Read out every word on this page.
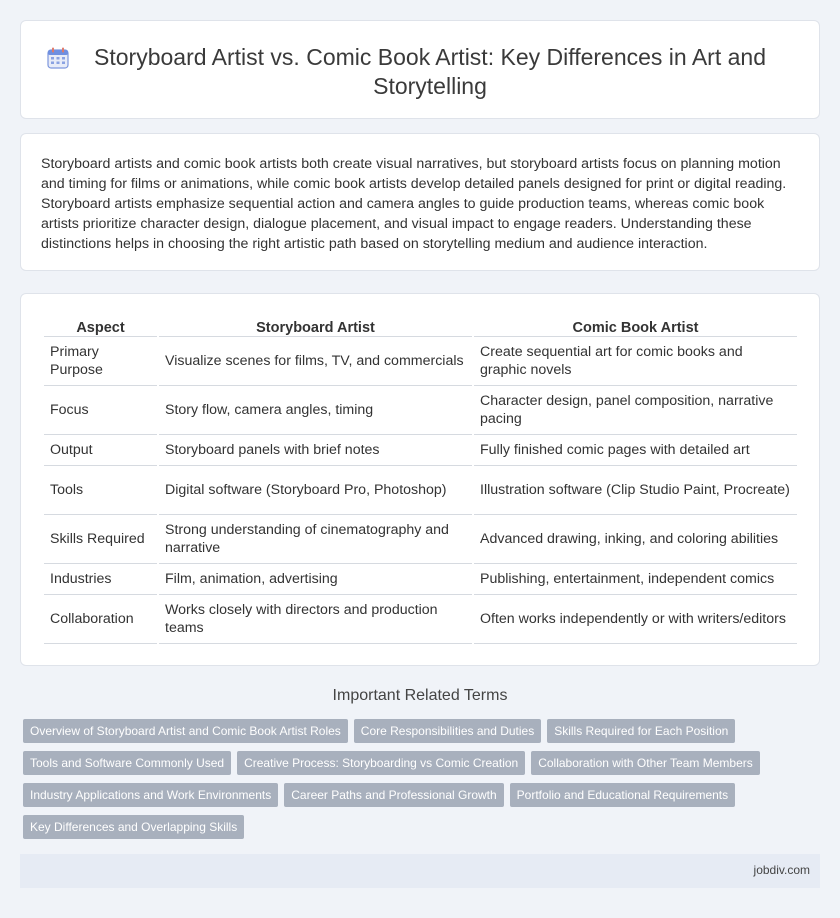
Storyboard Artist vs. Comic Book Artist: Key Differences in Art and Storytelling

Storyboard artists and comic book artists both create visual narratives, but storyboard artists focus on planning motion and timing for films or animations, while comic book artists develop detailed panels designed for print or digital reading. Storyboard artists emphasize sequential action and camera angles to guide production teams, whereas comic book artists prioritize character design, dialogue placement, and visual impact to engage readers. Understanding these distinctions helps in choosing the right artistic path based on storytelling medium and audience interaction.

Aspect	Storyboard Artist	Comic Book Artist
Primary Purpose	Visualize scenes for films, TV, and commercials	Create sequential art for comic books and graphic novels
Focus	Story flow, camera angles, timing	Character design, panel composition, narrative pacing
Output	Storyboard panels with brief notes	Fully finished comic pages with detailed art
Tools	Digital software (Storyboard Pro, Photoshop)	Illustration software (Clip Studio Paint, Procreate)
Skills Required	Strong understanding of cinematography and narrative	Advanced drawing, inking, and coloring abilities
Industries	Film, animation, advertising	Publishing, entertainment, independent comics
Collaboration	Works closely with directors and production teams	Often works independently or with writers/editors
Important Related Terms
Overview of Storyboard Artist and Comic Book Artist Roles Core Responsibilities and Duties Skills Required for Each PositionTools and Software Commonly Used Creative Process: Storyboarding vs Comic Creation Collaboration with Other Team MembersIndustry Applications and Work Environments Career Paths and Professional Growth Portfolio and Educational RequirementsKey Differences and Overlapping Skills
jobdiv.com
